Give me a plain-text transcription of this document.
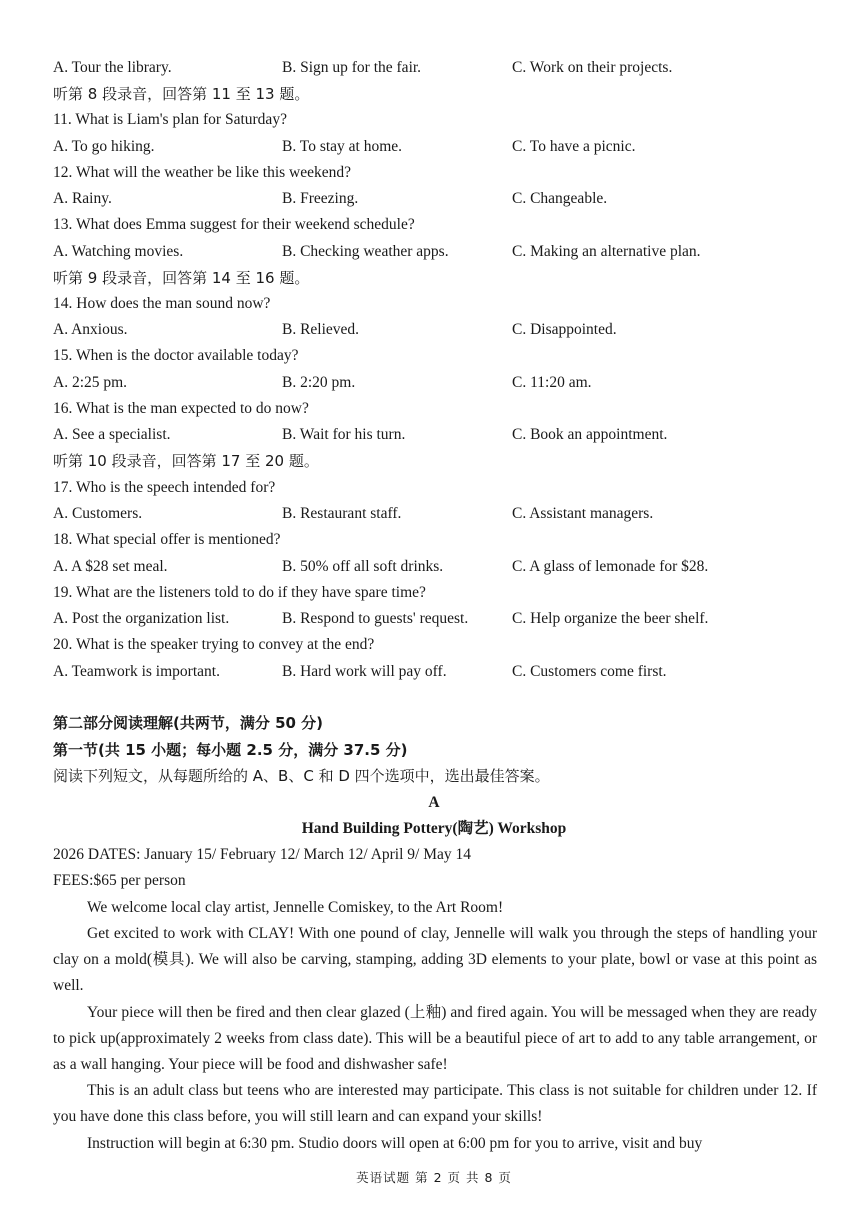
A. Tour the library.	B. Sign up for the fair.	C. Work on their projects.
听第 8 段录音，回答第 11 至 13 题。
11. What is Liam's plan for Saturday?
A. To go hiking.	B. To stay at home.	C. To have a picnic.
12. What will the weather be like this weekend?
A. Rainy.	B. Freezing.	C. Changeable.
13. What does Emma suggest for their weekend schedule?
A. Watching movies.	B. Checking weather apps.	C. Making an alternative plan.
听第 9 段录音，回答第 14 至 16 题。
14. How does the man sound now?
A. Anxious.	B. Relieved.	C. Disappointed.
15. When is the doctor available today?
A. 2:25 pm.	B. 2:20 pm.	C. 11:20 am.
16. What is the man expected to do now?
A. See a specialist.	B. Wait for his turn.	C. Book an appointment.
听第 10 段录音，回答第 17 至 20 题。
17. Who is the speech intended for?
A. Customers.	B. Restaurant staff.	C. Assistant managers.
18. What special offer is mentioned?
A. A $28 set meal.	B. 50% off all soft drinks.	C. A glass of lemonade for $28.
19. What are the listeners told to do if they have spare time?
A. Post the organization list.	B. Respond to guests' request.	C. Help organize the beer shelf.
20. What is the speaker trying to convey at the end?
A. Teamwork is important.	B. Hard work will pay off.	C. Customers come first.
第二部分阅读理解(共两节，满分 50 分)
第一节(共 15 小题；每小题 2.5 分，满分 37.5 分)
阅读下列短文，从每题所给的 A、B、C 和 D 四个选项中，选出最佳答案。
A
Hand Building Pottery(陶艺) Workshop
2026 DATES: January 15/ February 12/ March 12/ April 9/ May 14
FEES:$65 per person

We welcome local clay artist, Jennelle Comiskey, to the Art Room!

Get excited to work with CLAY! With one pound of clay, Jennelle will walk you through the steps of handling your clay on a mold(模具). We will also be carving, stamping, adding 3D elements to your plate, bowl or vase at this point as well.

Your piece will then be fired and then clear glazed (上釉) and fired again. You will be messaged when they are ready to pick up(approximately 2 weeks from class date). This will be a beautiful piece of art to add to any table arrangement, or as a wall hanging. Your piece will be food and dishwasher safe!

This is an adult class but teens who are interested may participate. This class is not suitable for children under 12. If you have done this class before, you will still learn and can expand your skills!

Instruction will begin at 6:30 pm. Studio doors will open at 6:00 pm for you to arrive, visit and buy

英语试题 第 2 页 共 8 页
